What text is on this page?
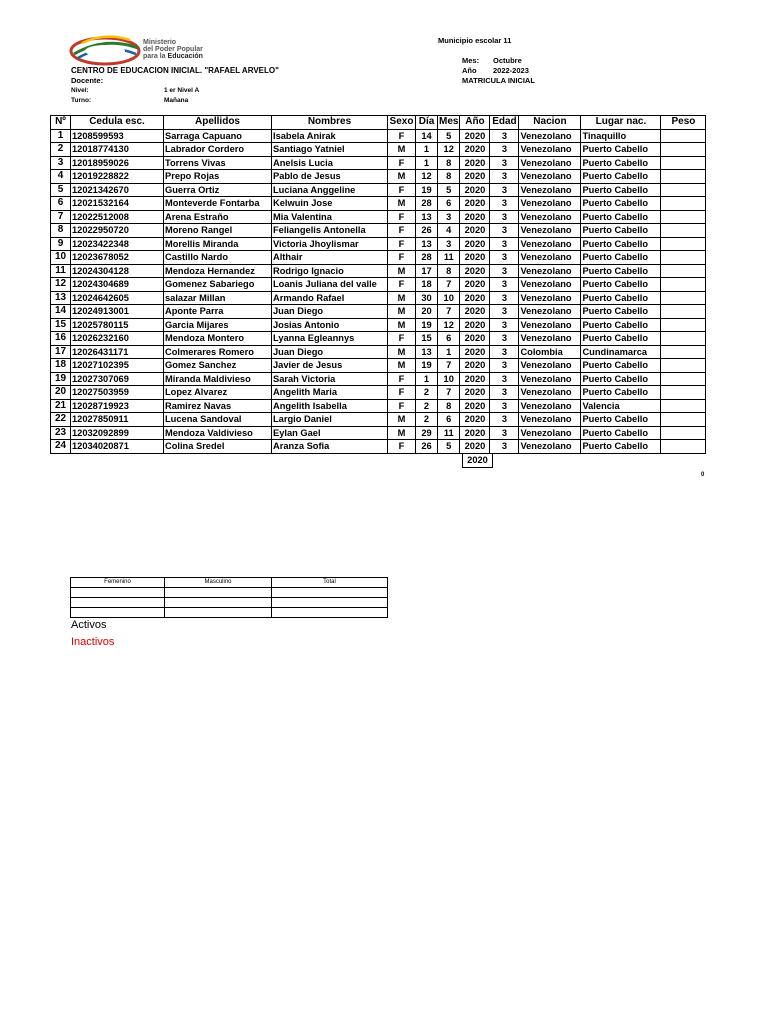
Ministerio
del Poder Popular
para la Educación
Municipio escolar 11
CENTRO DE EDUCACION INICIAL. "RAFAEL ARVELO"
Docente:
Nivel:	1 er Nivel A
Turno:	Mañana
Mes: Octubre
Año 2022-2023
MATRICULA INICIAL
Nº	Cedula esc.	Apellidos	Nombres	Sexo	Día	Mes	Año	Edad	Nacion	Lugar nac.	Peso
1	1208599593	Sarraga Capuano	Isabela Anirak	F	14	5	2020	3	Venezolano	Tinaquillo	
2	12018774130	Labrador Cordero	Santiago Yatniel	M	1	12	2020	3	Venezolano	Puerto Cabello	
3	12018959026	Torrens Vivas	Anelsis Lucia	F	1	8	2020	3	Venezolano	Puerto Cabello	
4	12019228822	Prepo Rojas	Pablo de Jesus	M	12	8	2020	3	Venezolano	Puerto Cabello	
5	12021342670	Guerra Ortiz	Luciana Anggeline	F	19	5	2020	3	Venezolano	Puerto Cabello	
6	12021532164	Monteverde Fontarba	Kelwuin Jose	M	28	6	2020	3	Venezolano	Puerto Cabello	
7	12022512008	Arena Estraño	Mia Valentina	F	13	3	2020	3	Venezolano	Puerto Cabello	
8	12022950720	Moreno Rangel	Feliangelis Antonella	F	26	4	2020	3	Venezolano	Puerto Cabello	
9	12023422348	Morellis Miranda	Victoria Jhoylismar	F	13	3	2020	3	Venezolano	Puerto Cabello	
10	12023678052	Castillo Nardo	Althair	F	28	11	2020	3	Venezolano	Puerto Cabello	
11	12024304128	Mendoza Hernandez	Rodrigo Ignacio	M	17	8	2020	3	Venezolano	Puerto Cabello	
12	12024304689	Gomenez Sabariego	Loanis Juliana del valle	F	18	7	2020	3	Venezolano	Puerto Cabello	
13	12024642605	salazar Millan	Armando Rafael	M	30	10	2020	3	Venezolano	Puerto Cabello	
14	12024913001	Aponte Parra	Juan Diego	M	20	7	2020	3	Venezolano	Puerto Cabello	
15	12025780115	Garcia Mijares	Josias Antonio	M	19	12	2020	3	Venezolano	Puerto Cabello	
16	12026232160	Mendoza Montero	Lyanna Egleannys	F	15	6	2020	3	Venezolano	Puerto Cabello	
17	12026431171	Colmerares Romero	Juan Diego	M	13	1	2020	3	Colombia	Cundinamarca	
18	12027102395	Gomez Sanchez	Javier de Jesus	M	19	7	2020	3	Venezolano	Puerto Cabello	
19	12027307069	Miranda Maldivieso	Sarah Victoria	F	1	10	2020	3	Venezolano	Puerto Cabello	
20	12027503959	Lopez Alvarez	Angelith Maria	F	2	7	2020	3	Venezolano	Puerto Cabello	
21	12028719923	Ramirez Navas	Angelith Isabella	F	2	8	2020	3	Venezolano	Valencia	
22	12027850911	Lucena Sandoval	Largio Daniel	M	2	6	2020	3	Venezolano	Puerto Cabello	
23	12032092899	Mendoza Valdivieso	Eylan Gael	M	29	11	2020	3	Venezolano	Puerto Cabello	
24	12034020871	Colina Sredel	Aranza Sofia	F	26	5	2020	3	Venezolano	Puerto Cabello	
2020
0
Femenino	Masculino	Total

Activos
Inactivos
